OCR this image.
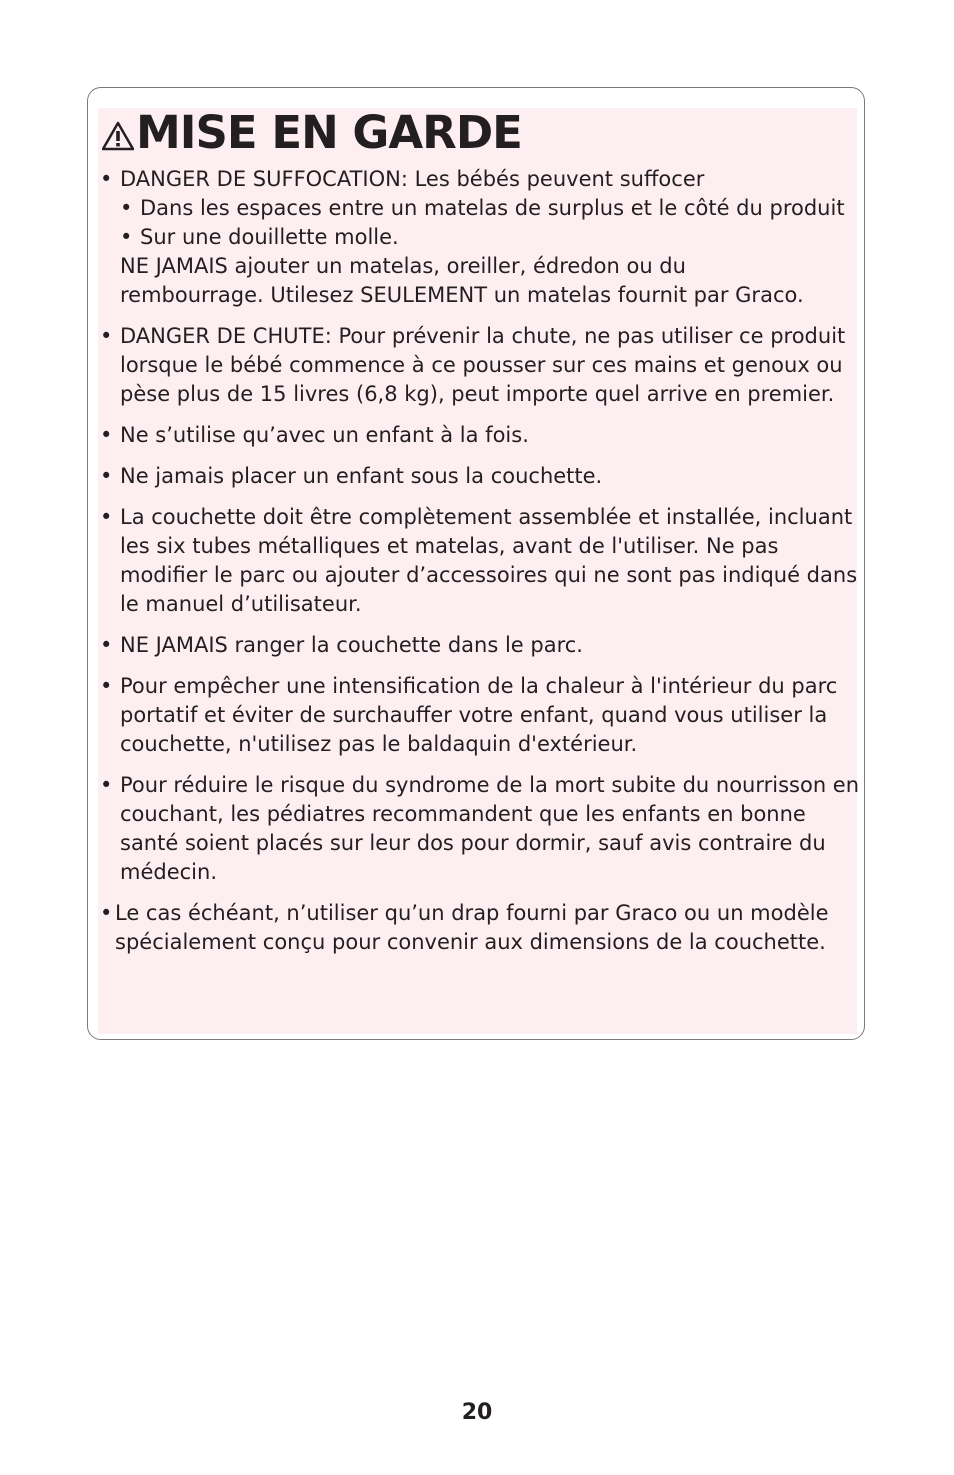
MISE EN GARDE
• DANGER DE SUFFOCATION: Les bébés peuvent suffocer
• Dans les espaces entre un matelas de surplus et le côté du produit
• Sur une douillette molle.
NE JAMAIS ajouter un matelas, oreiller, édredon ou du
rembourrage. Utilesez SEULEMENT un matelas fournit par Graco.
• DANGER DE CHUTE: Pour prévenir la chute, ne pas utiliser ce produit lorsque le bébé commence à ce pousser sur ces mains et genoux ou pèse plus de 15 livres (6,8 kg), peut importe quel arrive en premier.
• Ne s’utilise qu’avec un enfant à la fois.
• Ne jamais placer un enfant sous la couchette.
• La couchette doit être complètement assemblée et installée, incluant les six tubes métalliques et matelas, avant de l'utiliser. Ne pas modifier le parc ou ajouter d’accessoires qui ne sont pas indiqué dans le manuel d’utilisateur.
• NE JAMAIS ranger la couchette dans le parc.
• Pour empêcher une intensification de la chaleur à l'intérieur du parc portatif et éviter de surchauffer votre enfant, quand vous utiliser la couchette, n'utilisez pas le baldaquin d'extérieur.
• Pour réduire le risque du syndrome de la mort subite du nourrisson en couchant, les pédiatres recommandent que les enfants en bonne santé soient placés sur leur dos pour dormir, sauf avis contraire du médecin.
• Le cas échéant, n’utiliser qu’un drap fourni par Graco ou un modèle spécialement conçu pour convenir aux dimensions de la couchette.
20
